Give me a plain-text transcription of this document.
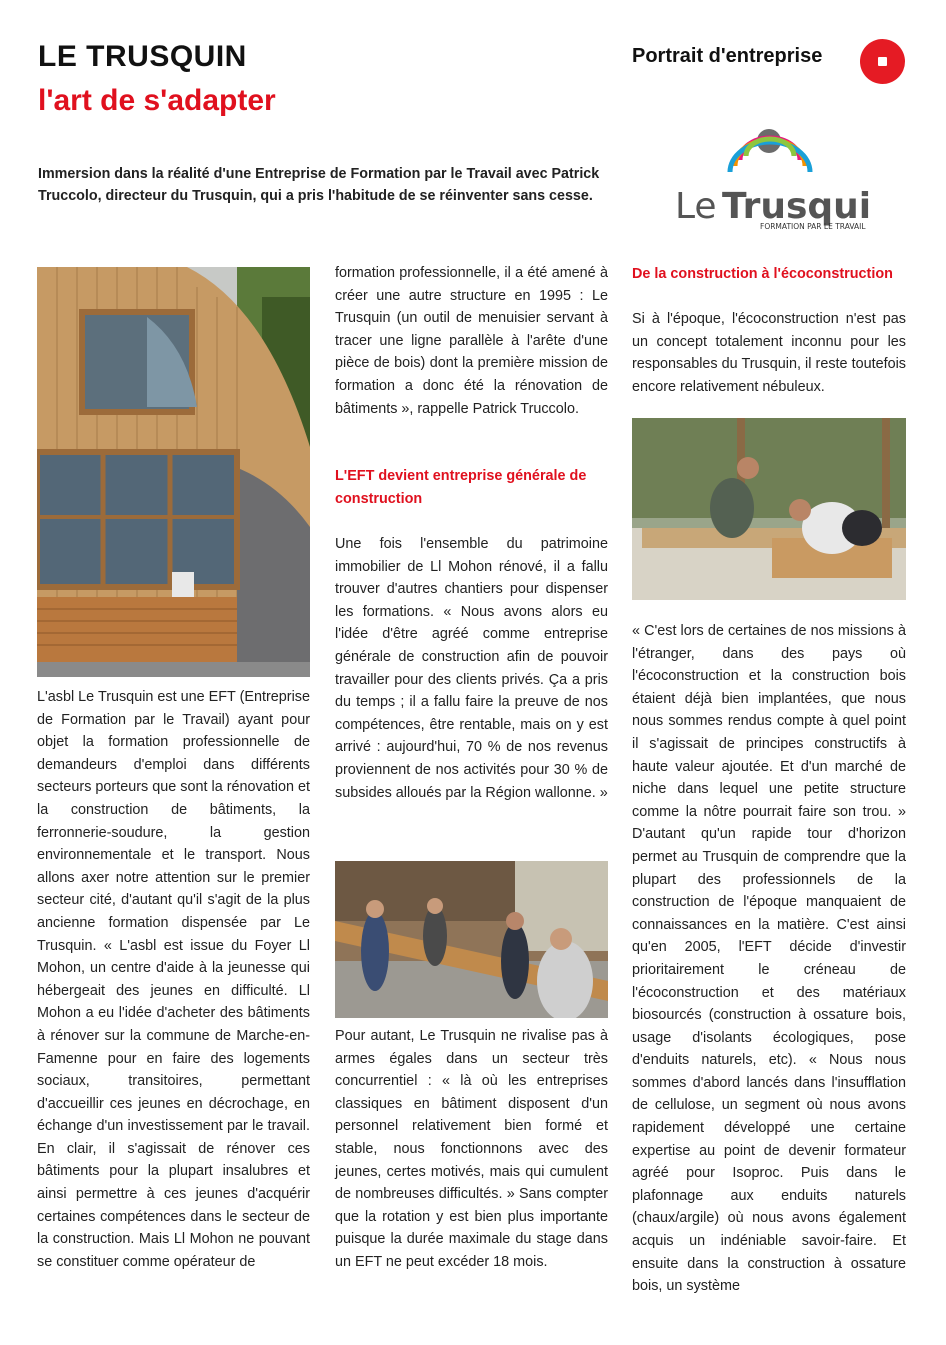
LE TRUSQUIN
l'art de s'adapter
Portrait d'entreprise
Immersion dans la réalité d'une Entreprise de Formation par le Travail avec Patrick Truccolo, directeur du Trusquin, qui a pris l'habitude de se réinventer sans cesse.	Le Trusqui
FORMATION PAR LE TRAVAIL

L'asbl Le Trusquin est une EFT (Entreprise de Formation par le Travail) ayant pour objet la formation professionnelle de demandeurs d'emploi dans différents secteurs porteurs que sont la rénovation et la construction de bâtiments, la ferronnerie-soudure, la gestion environnementale et le transport. Nous allons axer notre attention sur le premier secteur cité, d'autant qu'il s'agit de la plus ancienne formation dispensée par Le Trusquin. « L'asbl est issue du Foyer Ll Mohon, un centre d'aide à la jeunesse qui hébergeait des jeunes en difficulté. Ll Mohon a eu l'idée d'acheter des bâtiments à rénover sur la commune de Marche-en-Famenne pour en faire des logements sociaux, transitoires, permettant d'accueillir ces jeunes en décrochage, en échange d'un investissement par le travail. En clair, il s'agissait de rénover ces bâtiments pour la plupart insalubres et ainsi permettre à ces jeunes d'acquérir certaines compétences dans le secteur de la construction. Mais Ll Mohon ne pouvant se constituer comme opérateur de

formation professionnelle, il a été amené à créer une autre structure en 1995 : Le Trusquin (un outil de menuisier servant à tracer une ligne parallèle à l'arête d'une pièce de bois) dont la première mission de formation a donc été la rénovation de bâtiments », rappelle Patrick Truccolo.

L'EFT devient entreprise générale de construction

Une fois l'ensemble du patrimoine immobilier de Ll Mohon rénové, il a fallu trouver d'autres chantiers pour dispenser les formations. « Nous avons alors eu l'idée d'être agréé comme entreprise générale de construction afin de pouvoir travailler pour des clients privés. Ça a pris du temps ; il a fallu faire la preuve de nos compétences, être rentable, mais on y est arrivé : aujourd'hui, 70 % de nos revenus proviennent de nos activités pour 30 % de subsides alloués par la Région wallonne. »

Pour autant, Le Trusquin ne rivalise pas à armes égales dans un secteur très concurrentiel : « là où les entreprises classiques en bâtiment disposent d'un personnel relativement bien formé et stable, nous fonctionnons avec des jeunes, certes motivés, mais qui cumulent de nombreuses difficultés. » Sans compter que la rotation y est bien plus importante puisque la durée maximale du stage dans un EFT ne peut excéder 18 mois.

De la construction à l'écoconstruction

Si à l'époque, l'écoconstruction n'est pas un concept totalement inconnu pour les responsables du Trusquin, il reste toutefois encore relativement nébuleux.

« C'est lors de certaines de nos missions à l'étranger, dans des pays où l'écoconstruction et la construction bois étaient déjà bien implantées, que nous nous sommes rendus compte à quel point il s'agissait de principes constructifs à haute valeur ajoutée. Et d'un marché de niche dans lequel une petite structure comme la nôtre pourrait faire son trou. » D'autant qu'un rapide tour d'horizon permet au Trusquin de comprendre que la plupart des professionnels de la construction de l'époque manquaient de connaissances en la matière. C'est ainsi qu'en 2005, l'EFT décide d'investir prioritairement le créneau de l'écoconstruction et des matériaux biosourcés (construction à ossature bois, usage d'isolants écologiques, pose d'enduits naturels, etc). « Nous nous sommes d'abord lancés dans l'insufflation de cellulose, un segment où nous avons rapidement développé une certaine expertise au point de devenir formateur agréé pour Isoproc. Puis dans le plafonnage aux enduits naturels (chaux/argile) où nous avons également acquis un indéniable savoir-faire. Et ensuite dans la construction à ossature bois, un système
